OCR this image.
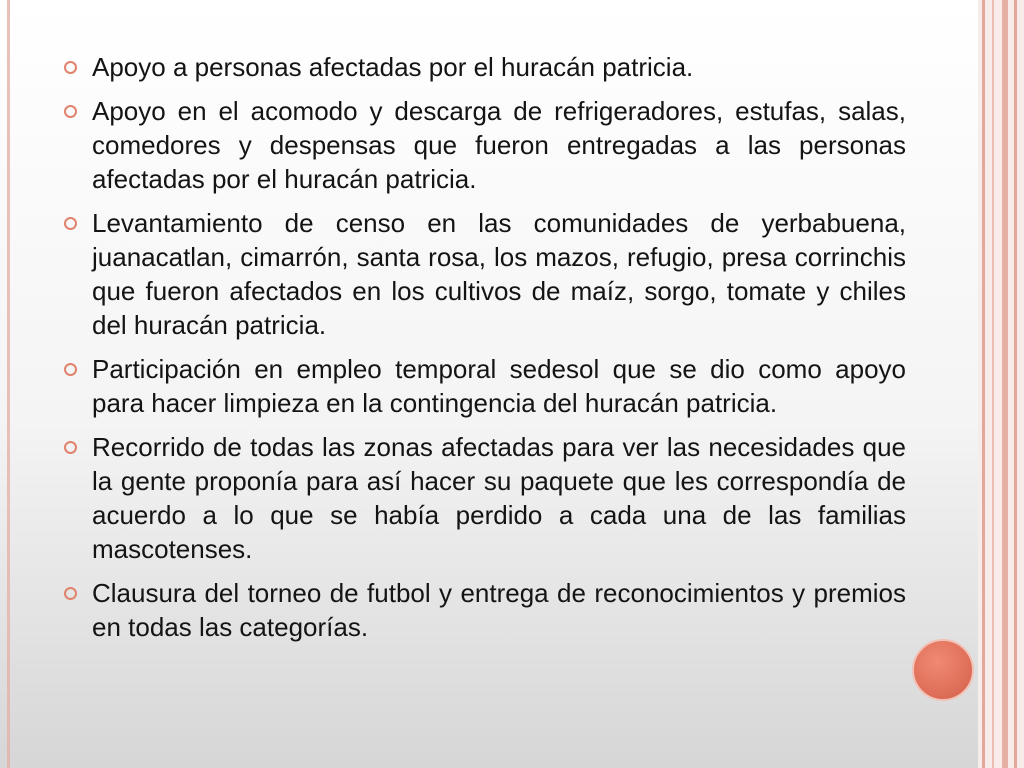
Apoyo a personas afectadas por el huracán patricia.
Apoyo en el acomodo y descarga de refrigeradores, estufas, salas, comedores y despensas que fueron entregadas a las personas afectadas por el huracán patricia.
Levantamiento de censo en las comunidades de yerbabuena, juanacatlan, cimarrón, santa rosa, los mazos, refugio, presa corrinchis que fueron afectados en los cultivos de maíz, sorgo, tomate y chiles del huracán patricia.
Participación en empleo temporal sedesol que se dio como apoyo para hacer limpieza en la contingencia del huracán patricia.
Recorrido de todas las zonas afectadas para ver las necesidades que la gente proponía para así hacer su paquete que les correspondía de acuerdo a lo que se había perdido a cada una de las familias mascotenses.
Clausura del torneo de futbol y entrega de reconocimientos y premios en todas las categorías.
